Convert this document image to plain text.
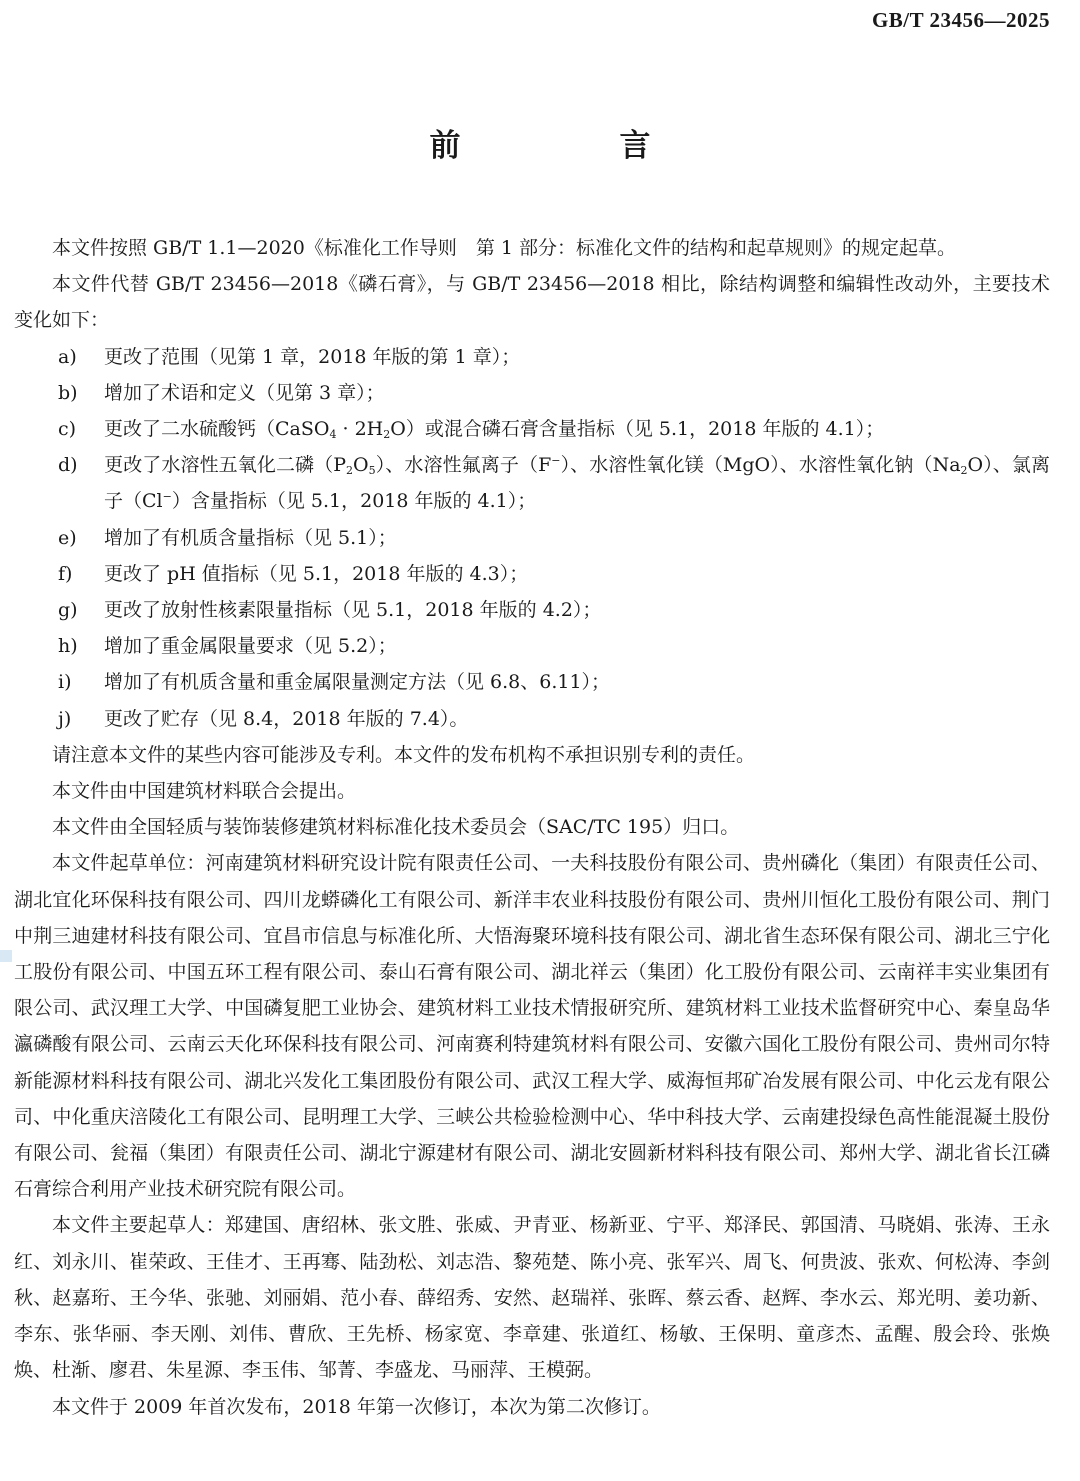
GB/T 23456—2025
前　言

本文件按照 GB/T 1.1—2020《标准化工作导则　第 1 部分：标准化文件的结构和起草规则》的规定起草。

本文件代替 GB/T 23456—2018《磷石膏》，与 GB/T 23456—2018 相比，除结构调整和编辑性改动外，主要技术变化如下：

a) 更改了范围（见第 1 章，2018 年版的第 1 章）；

b) 增加了术语和定义（见第 3 章）；

c) 更改了二水硫酸钙（CaSO$_4$ · $2H_2O$）或混合磷石膏含量指标（见 5.1，2018 年版的 4.1）；

d) 更改了水溶性五氧化二磷$(P_2O_5)$、水溶性氟离子（F−）、水溶性氧化镁（MgO）、水溶性氧化钠$(Na_2O)$、氯离子（Cl−）含量指标（见 5.1，2018 年版的 4.1）；

e) 增加了有机质含量指标（见 5.1）；

f) 更改了 pH 值指标（见 5.1，2018 年版的 4.3）；

g) 更改了放射性核素限量指标（见 5.1，2018 年版的 4.2）；

h) 增加了重金属限量要求（见 5.2）；

i) 增加了有机质含量和重金属限量测定方法（见 6.8、6.11）；

j) 更改了贮存（见 8.4，2018 年版的 7.4）。

请注意本文件的某些内容可能涉及专利。本文件的发布机构不承担识别专利的责任。

本文件由中国建筑材料联合会提出。

本文件由全国轻质与装饰装修建筑材料标准化技术委员会（SAC/TC 195）归口。

本文件起草单位：河南建筑材料研究设计院有限责任公司、一夫科技股份有限公司、贵州磷化（集团）有限责任公司、湖北宜化环保科技有限公司、四川龙蟒磷化工有限公司、新洋丰农业科技股份有限公司、贵州川恒化工股份有限公司、荆门中荆三迪建材科技有限公司、宜昌市信息与标准化所、大悟海聚环境科技有限公司、湖北省生态环保有限公司、湖北三宁化工股份有限公司、中国五环工程有限公司、泰山石膏有限公司、湖北祥云（集团）化工股份有限公司、云南祥丰实业集团有限公司、武汉理工大学、中国磷复肥工业协会、建筑材料工业技术情报研究所、建筑材料工业技术监督研究中心、秦皇岛华瀛磷酸有限公司、云南云天化环保科技有限公司、河南赛利特建筑材料有限公司、安徽六国化工股份有限公司、贵州司尔特新能源材料科技有限公司、湖北兴发化工集团股份有限公司、武汉工程大学、威海恒邦矿冶发展有限公司、中化云龙有限公司、中化重庆涪陵化工有限公司、昆明理工大学、三峡公共检验检测中心、华中科技大学、云南建投绿色高性能混凝土股份有限公司、瓮福（集团）有限责任公司、湖北宁源建材有限公司、湖北安圆新材料科技有限公司、郑州大学、湖北省长江磷石膏综合利用产业技术研究院有限公司。

本文件主要起草人：郑建国、唐绍林、张文胜、张威、尹青亚、杨新亚、宁平、郑泽民、郭国清、马晓娟、张涛、王永红、刘永川、崔荣政、王佳才、王再骞、陆劲松、刘志浩、黎苑楚、陈小亮、张军兴、周飞、何贵波、张欢、何松涛、李剑秋、赵嘉珩、王今华、张驰、刘丽娟、范小春、薛绍秀、安然、赵瑞祥、张晖、蔡云香、赵辉、李水云、郑光明、姜功新、李东、张华丽、李天刚、刘伟、曹欣、王先桥、杨家宽、李章建、张道红、杨敏、王保明、童彦杰、孟醒、殷会玲、张焕焕、杜渐、廖君、朱星源、李玉伟、邹菁、李盛龙、马丽萍、王模弼。

本文件于 2009 年首次发布，2018 年第一次修订，本次为第二次修订。
